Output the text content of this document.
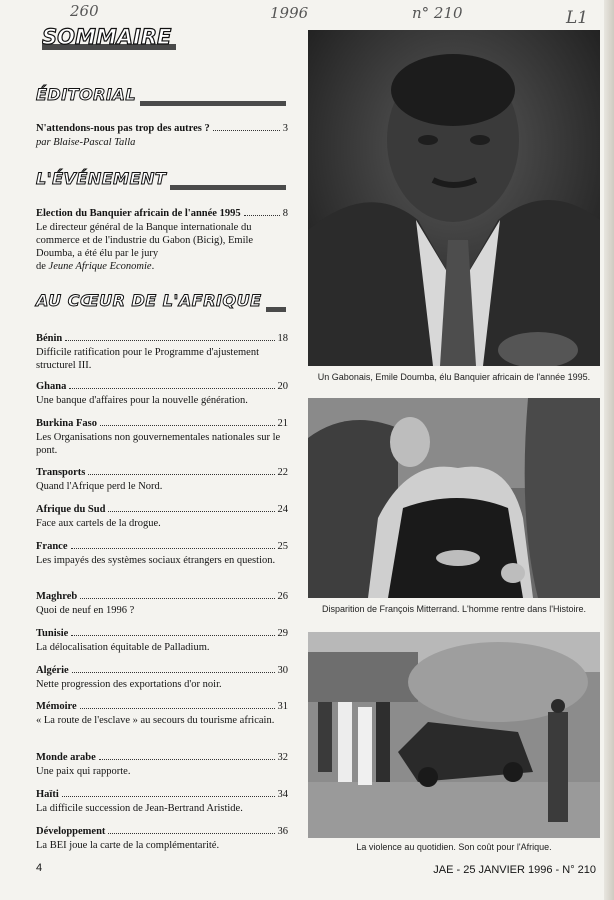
260	1996	n° 210	L1
SOMMAIRE
ÉDITORIAL
N'attendons-nous pas trop des autres ?	3
par Blaise-Pascal Talla
L'ÉVÉNEMENT
Election du Banquier africain de l'année 1995	8
Le directeur général de la Banque internationale du commerce et de l'industrie du Gabon (Bicig), Emile Doumba, a été élu par le jury
de Jeune Afrique Economie.
AU CŒUR DE L'AFRIQUE
Bénin	18
Difficile ratification pour le Programme d'ajustement structurel III.
Ghana	20
Une banque d'affaires pour la nouvelle génération.
Burkina Faso	21
Les Organisations non gouvernementales nationales sur le pont.
Transports	22
Quand l'Afrique perd le Nord.
Afrique du Sud	24
Face aux cartels de la drogue.
France	25
Les impayés des systèmes sociaux étrangers en question.
Maghreb	26
Quoi de neuf en 1996 ?
Tunisie	29
La délocalisation équitable de Palladium.
Algérie	30
Nette progression des exportations d'or noir.
Mémoire	31
« La route de l'esclave » au secours du tourisme africain.
Monde arabe	32
Une paix qui rapporte.
Haïti	34
La difficile succession de Jean-Bertrand Aristide.
Développement	36
La BEI joue la carte de la complémentarité.
Un Gabonais, Emile Doumba, élu Banquier africain de l'année 1995.
Disparition de François Mitterrand. L'homme rentre dans l'Histoire.
La violence au quotidien. Son coût pour l'Afrique.
4	JAE - 25 JANVIER 1996 - N° 210
